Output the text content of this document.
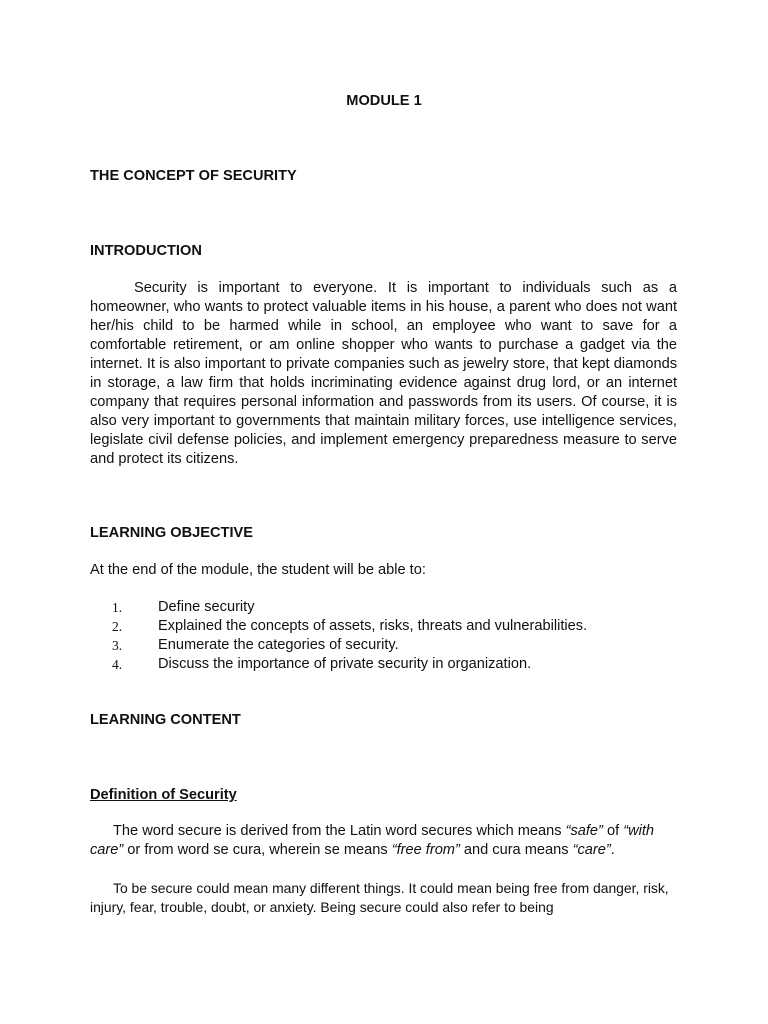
MODULE 1
THE CONCEPT OF SECURITY
INTRODUCTION

Security is important to everyone. It is important to individuals such as a homeowner, who wants to protect valuable items in his house, a parent who does not want her/his child to be harmed while in school, an employee who want to save for a comfortable retirement, or am online shopper who wants to purchase a gadget via the internet. It is also important to private companies such as jewelry store, that kept diamonds in storage, a law firm that holds incriminating evidence against drug lord, or an internet company that requires personal information and passwords from its users. Of course, it is also very important to governments that maintain military forces, use intelligence services, legislate civil defense policies, and implement emergency preparedness measure to serve and protect its citizens.

LEARNING OBJECTIVE

At the end of the module, the student will be able to:

1. Define security
2. Explained the concepts of assets, risks, threats and vulnerabilities.
3. Enumerate the categories of security.
4. Discuss the importance of private security in organization.
LEARNING CONTENT
Definition of Security

The word secure is derived from the Latin word secures which means “safe” of “with care” or from word se cura, wherein se means “free from” and cura means “care”.

To be secure could mean many different things. It could mean being free from danger, risk, injury, fear, trouble, doubt, or anxiety. Being secure could also refer to being
